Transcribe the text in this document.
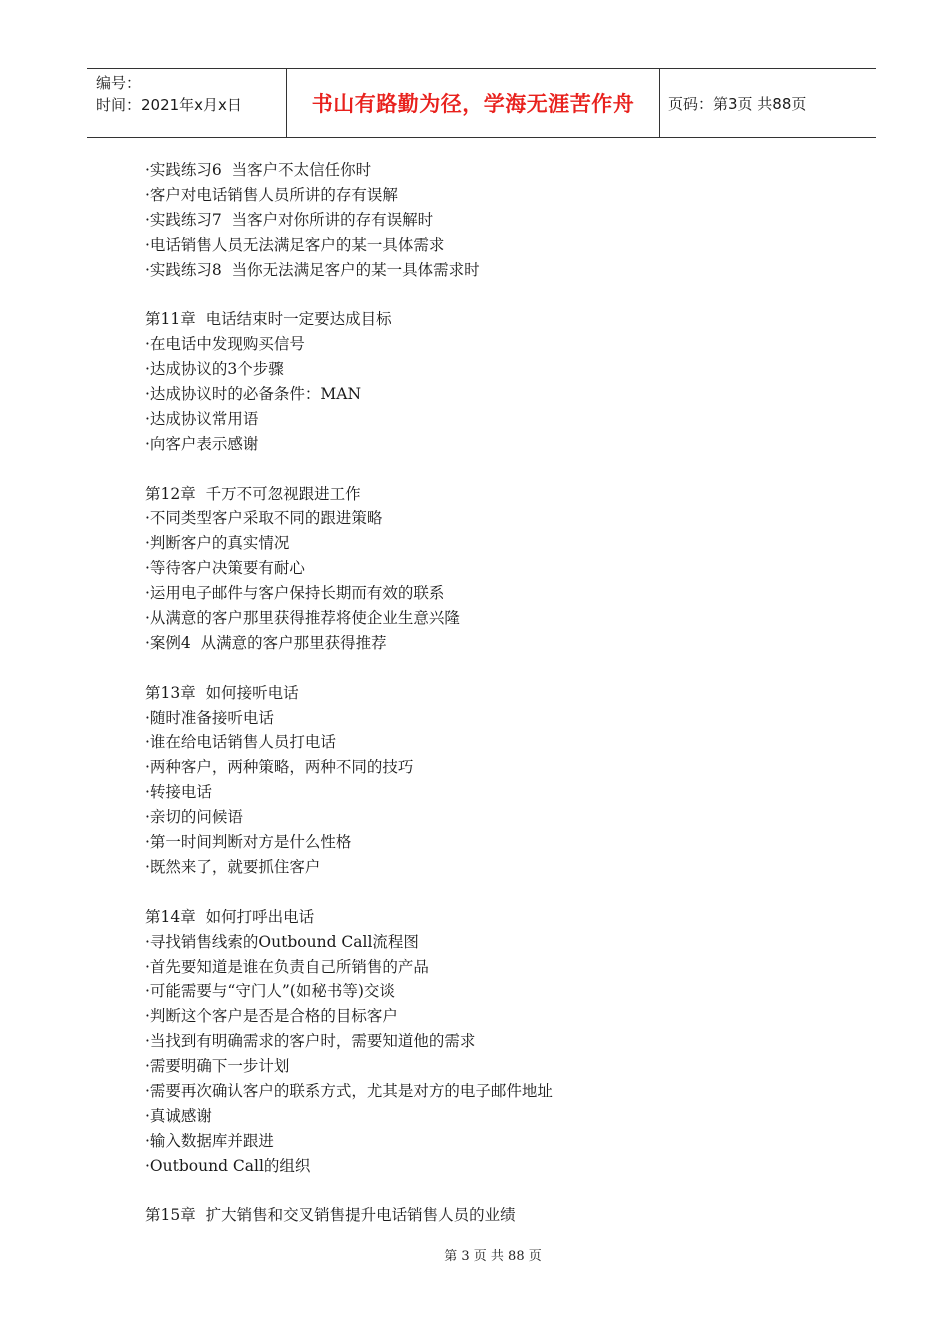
编号：
时间：2021年x月x日	书山有路勤为径，学海无涯苦作舟	页码：第3页 共88页
·实践练习6  当客户不太信任你时
·客户对电话销售人员所讲的存有误解
·实践练习7  当客户对你所讲的存有误解时
·电话销售人员无法满足客户的某一具体需求
·实践练习8  当你无法满足客户的某一具体需求时
第11章  电话结束时一定要达成目标
·在电话中发现购买信号
·达成协议的3个步骤
·达成协议时的必备条件：MAN
·达成协议常用语
·向客户表示感谢
第12章  千万不可忽视跟进工作
·不同类型客户采取不同的跟进策略
·判断客户的真实情况
·等待客户决策要有耐心
·运用电子邮件与客户保持长期而有效的联系
·从满意的客户那里获得推荐将使企业生意兴隆
·案例4  从满意的客户那里获得推荐
第13章  如何接听电话
·随时准备接听电话
·谁在给电话销售人员打电话
·两种客户，两种策略，两种不同的技巧
·转接电话
·亲切的问候语
·第一时间判断对方是什么性格
·既然来了，就要抓住客户
第14章  如何打呼出电话
·寻找销售线索的Outbound Call流程图
·首先要知道是谁在负责自己所销售的产品
·可能需要与“守门人”(如秘书等)交谈
·判断这个客户是否是合格的目标客户
·当找到有明确需求的客户时，需要知道他的需求
·需要明确下一步计划
·需要再次确认客户的联系方式，尤其是对方的电子邮件地址
·真诚感谢
·输入数据库并跟进
·Outbound Call的组织
第15章  扩大销售和交叉销售提升电话销售人员的业绩
第 3 页 共 88 页
